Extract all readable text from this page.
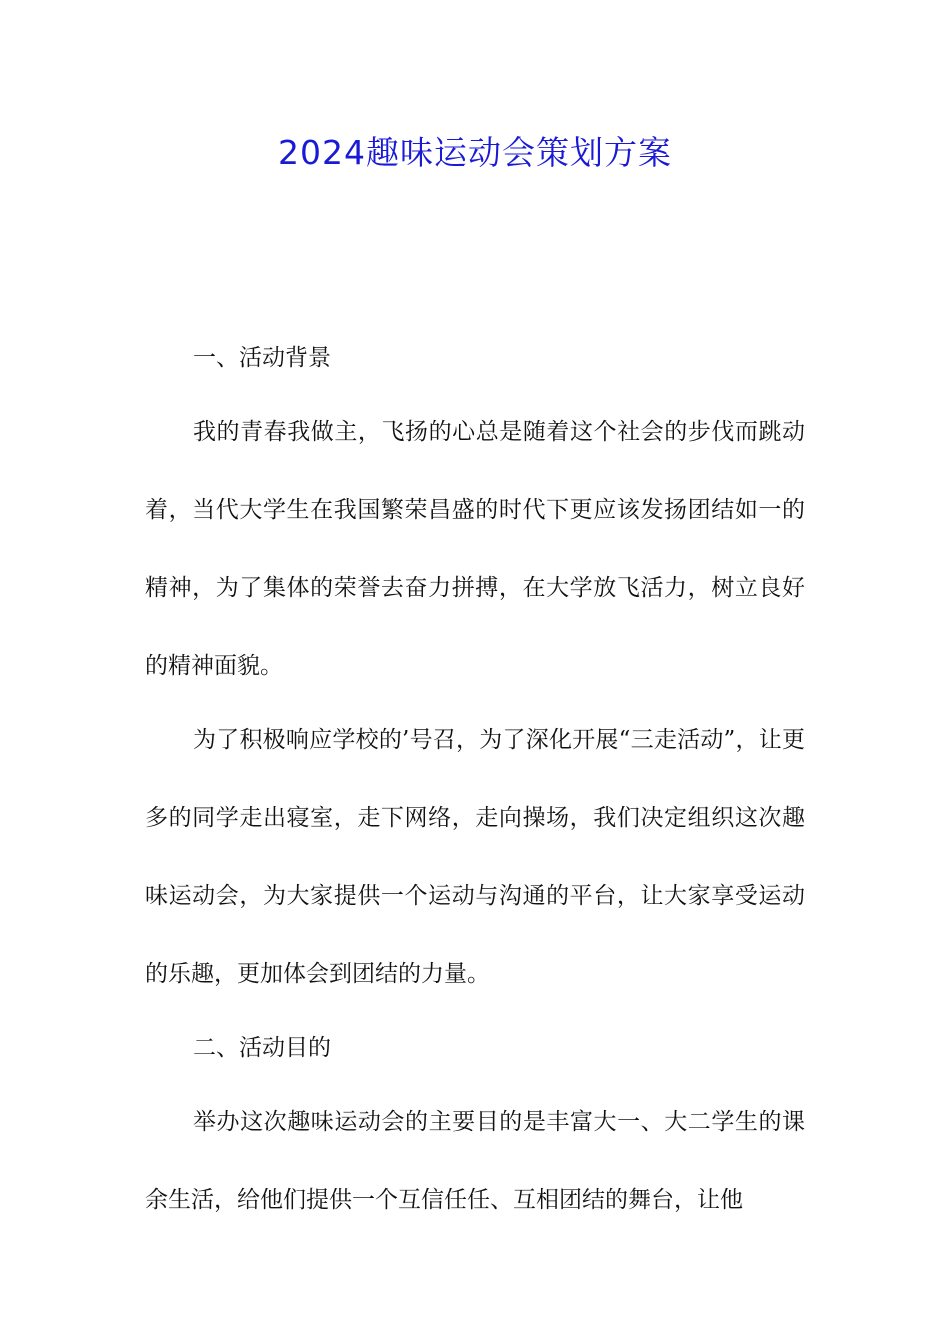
2024趣味运动会策划方案

一、活动背景

我的青春我做主，飞扬的心总是随着这个社会的步伐而跳动着，当代大学生在我国繁荣昌盛的时代下更应该发扬团结如一的精神，为了集体的荣誉去奋力拼搏，在大学放飞活力，树立良好的精神面貌。

为了积极响应学校的’号召，为了深化开展“三走活动”，让更多的同学走出寝室，走下网络，走向操场，我们决定组织这次趣味运动会，为大家提供一个运动与沟通的平台，让大家享受运动的乐趣，更加体会到团结的力量。

二、活动目的

举办这次趣味运动会的主要目的是丰富大一、大二学生的课余生活，给他们提供一个互信任任、互相团结的舞台，让他
